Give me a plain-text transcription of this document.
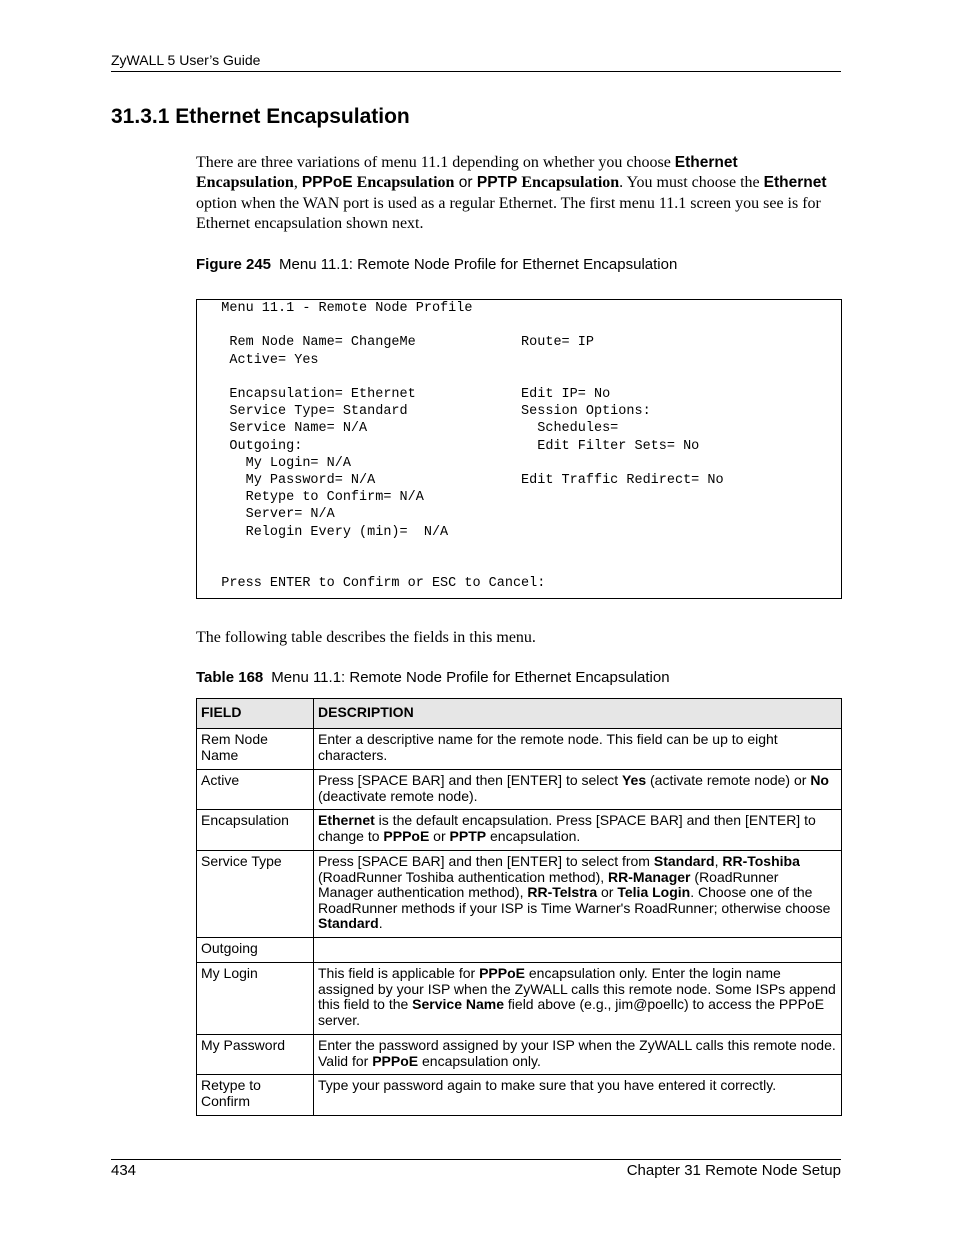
ZyWALL 5 User’s Guide
31.3.1 Ethernet Encapsulation
There are three variations of menu 11.1 depending on whether you choose Ethernet Encapsulation, PPPoE Encapsulation or PPTP Encapsulation. You must choose the Ethernet option when the WAN port is used as a regular Ethernet. The first menu 11.1 screen you see is for Ethernet encapsulation shown next.
Figure 245 Menu 11.1: Remote Node Profile for Ethernet Encapsulation
Menu 11.1 - Remote Node Profile

Rem Node Name= ChangeMe             Route= IP
Active= Yes

Encapsulation= Ethernet             Edit IP= No
Service Type= Standard              Session Options:
Service Name= N/A                     Schedules=
Outgoing:                             Edit Filter Sets= No
My Login= N/A
My Password= N/A                  Edit Traffic Redirect= No
Retype to Confirm= N/A
Server= N/A
Relogin Every (min)=  N/A

Press ENTER to Confirm or ESC to Cancel:
The following table describes the fields in this menu.
Table 168 Menu 11.1: Remote Node Profile for Ethernet Encapsulation
FIELD	DESCRIPTION
Rem Node Name	Enter a descriptive name for the remote node. This field can be up to eight characters.
Active	Press [SPACE BAR] and then [ENTER] to select Yes (activate remote node) or No (deactivate remote node).
Encapsulation	Ethernet is the default encapsulation. Press [SPACE BAR] and then [ENTER] to change to PPPoE or PPTP encapsulation.
Service Type	Press [SPACE BAR] and then [ENTER] to select from Standard, RR-Toshiba (RoadRunner Toshiba authentication method), RR-Manager (RoadRunner Manager authentication method), RR-Telstra or Telia Login. Choose one of the RoadRunner methods if your ISP is Time Warner's RoadRunner; otherwise choose Standard.
Outgoing	
My Login	This field is applicable for PPPoE encapsulation only. Enter the login name assigned by your ISP when the ZyWALL calls this remote node. Some ISPs append this field to the Service Name field above (e.g., jim@poellc) to access the PPPoE server.
My Password	Enter the password assigned by your ISP when the ZyWALL calls this remote node. Valid for PPPoE encapsulation only.
Retype to Confirm	Type your password again to make sure that you have entered it correctly.
434	Chapter 31 Remote Node Setup
